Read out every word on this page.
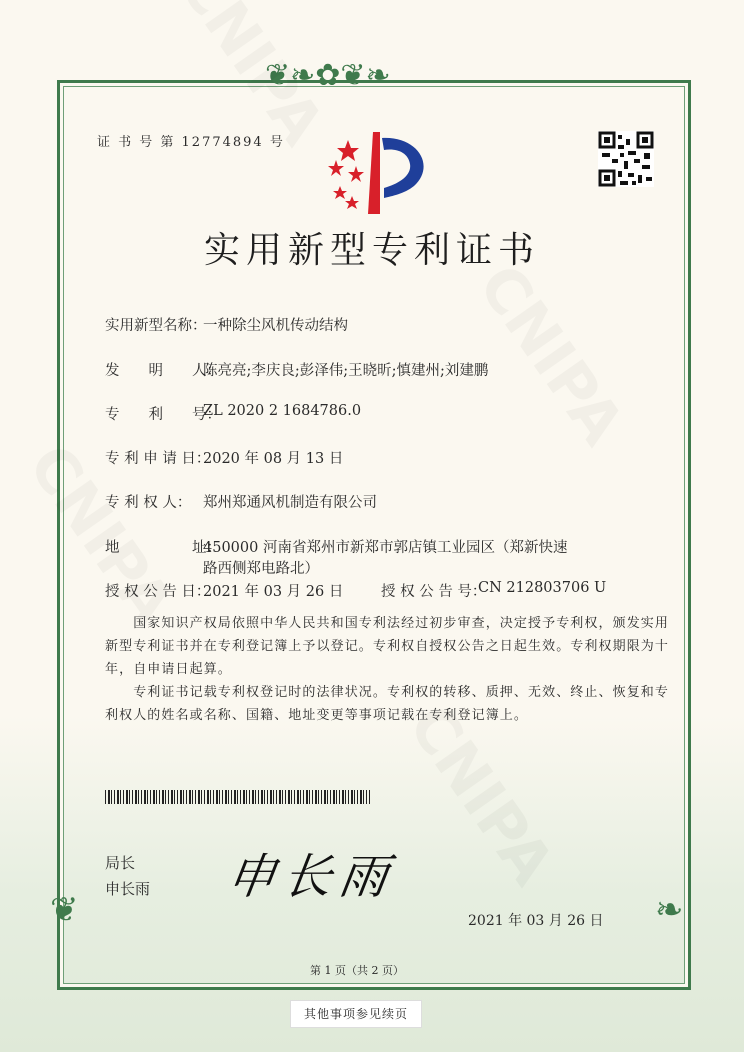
❦❧✿❦❧
❦	❧
证 书 号 第 12774894 号
实用新型专利证书
实用新型名称：
一种除尘风机传动结构
发　　明　　人：
陈亮亮;李庆良;彭泽伟;王晓昕;慎建州;刘建鹏
专　　利　　号：
ZL 2020 2 1684786.0
专 利 申 请 日：
2020 年 08 月 13 日
专 利 权 人： 郑州郑通风机制造有限公司
地　　　　　址：
450000 河南省郑州市新郑市郭店镇工业园区（郑新快速
路西侧郑电路北）
授 权 公 告 日：
2021 年 03 月 26 日	授 权 公 告 号：
CN 212803706 U
　　国家知识产权局依照中华人民共和国专利法经过初步审查，决定授予专利权，颁发实用
新型专利证书并在专利登记簿上予以登记。专利权自授权公告之日起生效。专利权期限为十
年，自申请日起算。
　　专利证书记载专利权登记时的法律状况。专利权的转移、质押、无效、终止、恢复和专
利权人的姓名或名称、国籍、地址变更等事项记载在专利登记簿上。
局长
申长雨 申长雨
2021 年 03 月 26 日
第 1 页（共 2 页）
其他事项参见续页
